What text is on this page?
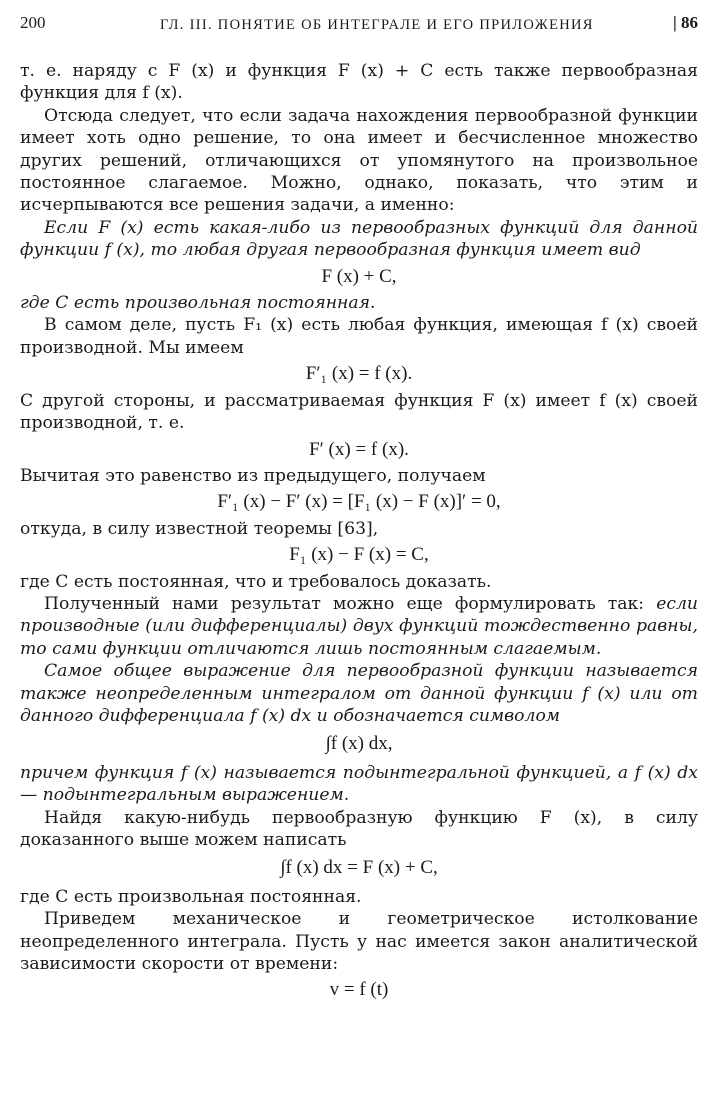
200	ГЛ. III. ПОНЯТИЕ ОБ ИНТЕГРАЛЕ И ЕГО ПРИЛОЖЕНИЯ	| 86

т. е. наряду с F (x) и функция F (x) + C есть также первообразная функция для f (x).

Отсюда следует, что если задача нахождения первообразной функции имеет хоть одно решение, то она имеет и бесчисленное множество других решений, отличающихся от упомянутого на произвольное постоянное слагаемое. Можно, однако, показать, что этим и исчерпываются все решения задачи, а именно:

Если F (x) есть какая-либо из первообразных функций для данной функции f (x), то любая другая первообразная функция имеет вид

F (x) + C,

где C есть произвольная постоянная.

В самом деле, пусть F₁ (x) есть любая функция, имеющая f (x) своей производной. Мы имеем

F′₁ (x) = f (x).

С другой стороны, и рассматриваемая функция F (x) имеет f (x) своей производной, т. е.

F′ (x) = f (x).

Вычитая это равенство из предыдущего, получаем

F′₁ (x) − F′ (x) = [F₁ (x) − F (x)]′ = 0,

откуда, в силу известной теоремы [63],

F₁ (x) − F (x) = C,

где C есть постоянная, что и требовалось доказать.

Полученный нами результат можно еще формулировать так: если производные (или дифференциалы) двух функций тождественно равны, то сами функции отличаются лишь постоянным слагаемым.

Самое общее выражение для первообразной функции называется также неопределенным интегралом от данной функции f (x) или от данного дифференциала f (x) dx и обозначается символом

∫f (x) dx,

причем функция f (x) называется подынтегральной функцией, а f (x) dx — подынтегральным выражением.

Найдя какую-нибудь первообразную функцию F (x), в силу доказанного выше можем написать

∫f (x) dx = F (x) + C,

где C есть произвольная постоянная.

Приведем механическое и геометрическое истолкование неопределенного интеграла. Пусть у нас имеется закон аналитической зависимости скорости от времени:

v = f (t)
